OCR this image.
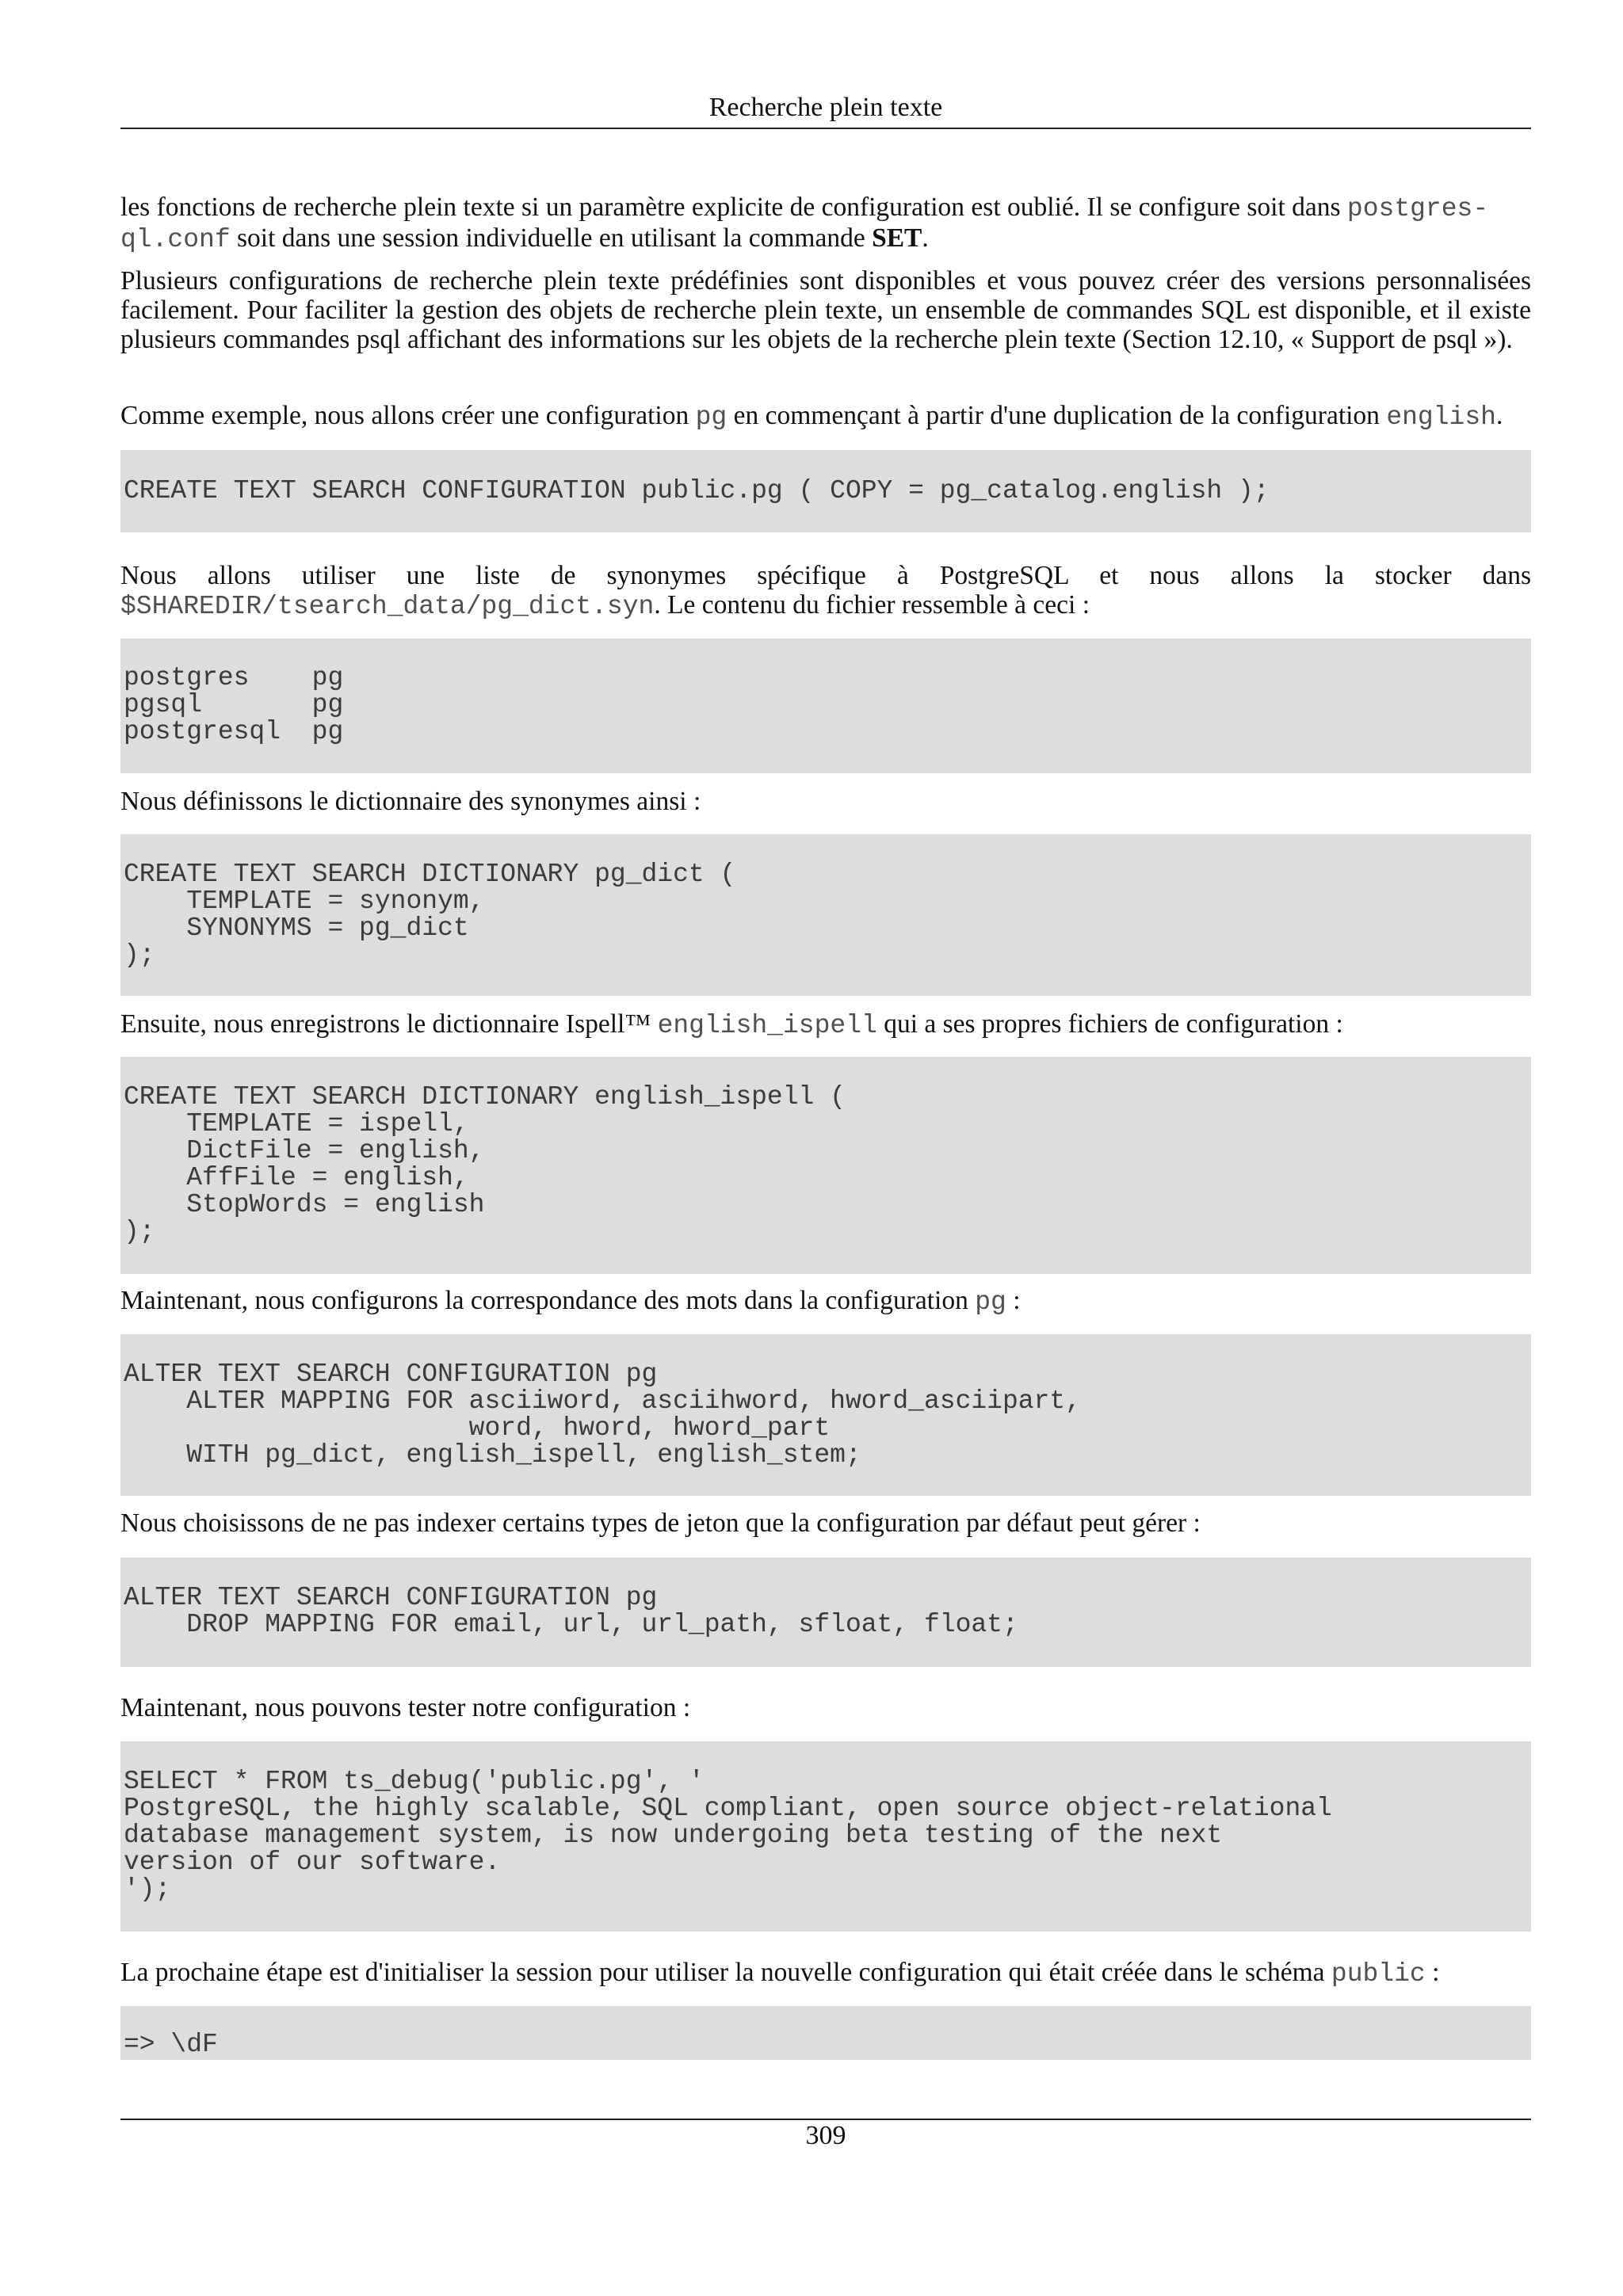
Recherche plein texte

les fonctions de recherche plein texte si un paramètre explicite de configuration est oublié. Il se configure soit dans postgres-
ql.conf soit dans une session individuelle en utilisant la commande SET.

Plusieurs configurations de recherche plein texte prédéfinies sont disponibles et vous pouvez créer des versions personnalisées facilement. Pour faciliter la gestion des objets de recherche plein texte, un ensemble de commandes SQL est disponible, et il existe plusieurs commandes psql affichant des informations sur les objets de la recherche plein texte (Section 12.10, « Support de psql »).

Comme exemple, nous allons créer une configuration pg en commençant à partir d'une duplication de la configuration english.

CREATE TEXT SEARCH CONFIGURATION public.pg ( COPY = pg_catalog.english );

Nous allons utiliser une liste de synonymes spécifique à PostgreSQL et nous allons la stocker dans $SHAREDIR/tsearch_data/pg_dict.syn. Le contenu du fichier ressemble à ceci :

postgres    pg
pgsql       pg
postgresql  pg

Nous définissons le dictionnaire des synonymes ainsi :

CREATE TEXT SEARCH DICTIONARY pg_dict (
TEMPLATE = synonym,
SYNONYMS = pg_dict
);

Ensuite, nous enregistrons le dictionnaire Ispell™ english_ispell qui a ses propres fichiers de configuration :

CREATE TEXT SEARCH DICTIONARY english_ispell (
TEMPLATE = ispell,
DictFile = english,
AffFile = english,
StopWords = english
);

Maintenant, nous configurons la correspondance des mots dans la configuration pg :

ALTER TEXT SEARCH CONFIGURATION pg
ALTER MAPPING FOR asciiword, asciihword, hword_asciipart,
word, hword, hword_part
WITH pg_dict, english_ispell, english_stem;

Nous choisissons de ne pas indexer certains types de jeton que la configuration par défaut peut gérer :

ALTER TEXT SEARCH CONFIGURATION pg
DROP MAPPING FOR email, url, url_path, sfloat, float;

Maintenant, nous pouvons tester notre configuration :

SELECT * FROM ts_debug('public.pg', '
PostgreSQL, the highly scalable, SQL compliant, open source object-relational
database management system, is now undergoing beta testing of the next
version of our software.
');

La prochaine étape est d'initialiser la session pour utiliser la nouvelle configuration qui était créée dans le schéma public :

=> \dF
309
